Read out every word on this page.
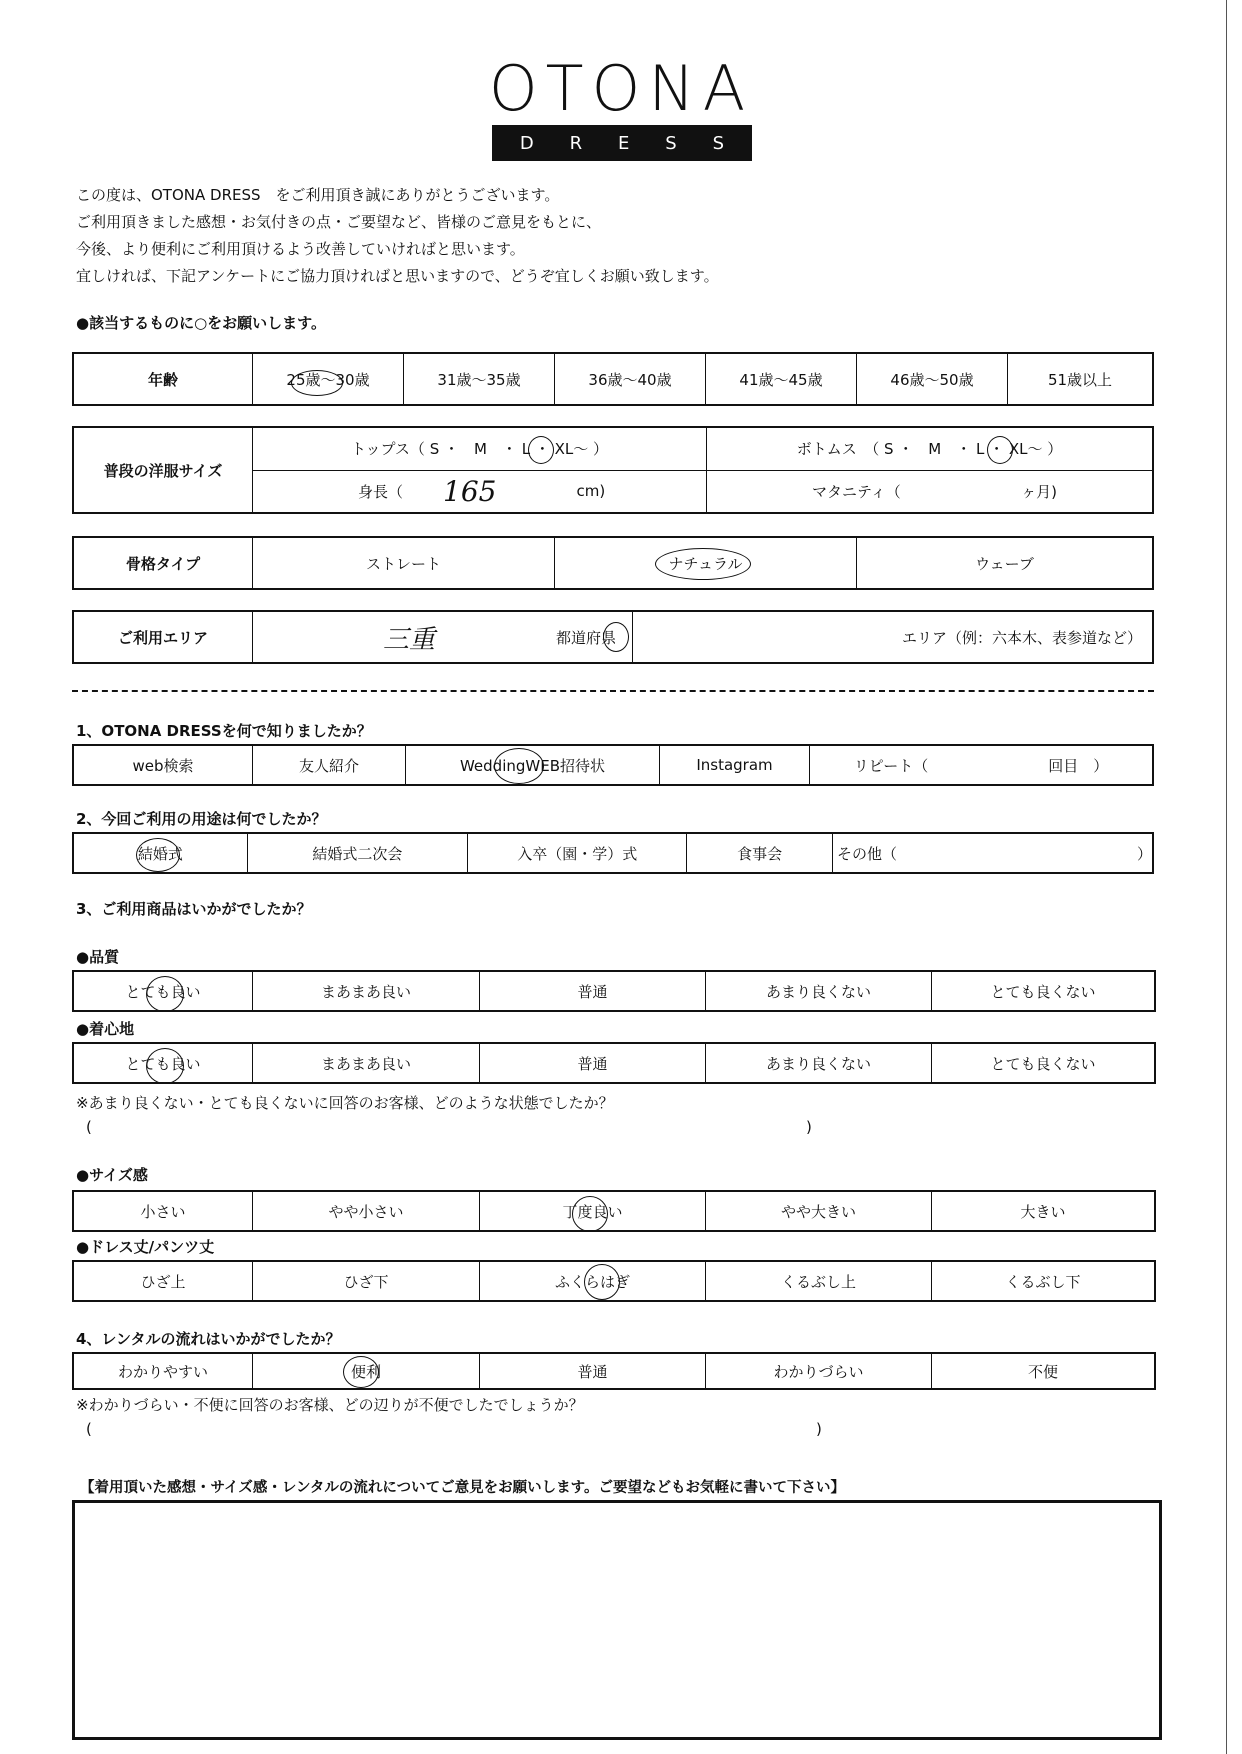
OTONA
D R E S S
この度は、OTONA DRESS　をご利用頂き誠にありがとうございます。
ご利用頂きました感想・お気付きの点・ご要望など、皆様のご意見をもとに、
今後、より便利にご利用頂けるよう改善していければと思います。
宜しければ、下記アンケートにご協力頂ければと思いますので、どうぞ宜しくお願い致します。
●該当するものに○をお願いします。
年齢	25歳～30歳	31歳～35歳	36歳～40歳	41歳～45歳	46歳～50歳	51歳以上
普段の洋服サイズ
トップス（ S ・　M　・ L ・ XL～ ）	ボトムス　（ S ・　M　・ L ・ XL～ ）
身長（ 165	cm)	マタニティ（	ヶ月)
骨格タイプ	ストレート	ナチュラル	ウェーブ
ご利用エリア	三重	都道府県	エリア（例：六本木、表参道など）
1、OTONA DRESSを何で知りましたか？
web検索	友人紹介	WeddingWEB招待状	Instagram	リピート（　　　　　　　　回目　）
2、今回ご利用の用途は何でしたか？
結婚式	結婚式二次会	入卒（園・学）式	食事会	その他（　　　　　　　　　　　　　　　　）
3、ご利用商品はいかがでしたか？
●品質
とても良い	まあまあ良い	普通	あまり良くない	とても良くない
●着心地
とても良い	まあまあ良い	普通	あまり良くない	とても良くない
※あまり良くない・とても良くないに回答のお客様、どのような状態でしたか？
(	)
●サイズ感
小さい	やや小さい	丁度良い	やや大きい	大きい
●ドレス丈/パンツ丈
ひざ上	ひざ下	ふくらはぎ	くるぶし上	くるぶし下
4、レンタルの流れはいかがでしたか？
わかりやすい	便利	普通	わかりづらい	不便
※わかりづらい・不便に回答のお客様、どの辺りが不便でしたでしょうか？
(	)
【着用頂いた感想・サイズ感・レンタルの流れについてご意見をお願いします。ご要望などもお気軽に書いて下さい】
